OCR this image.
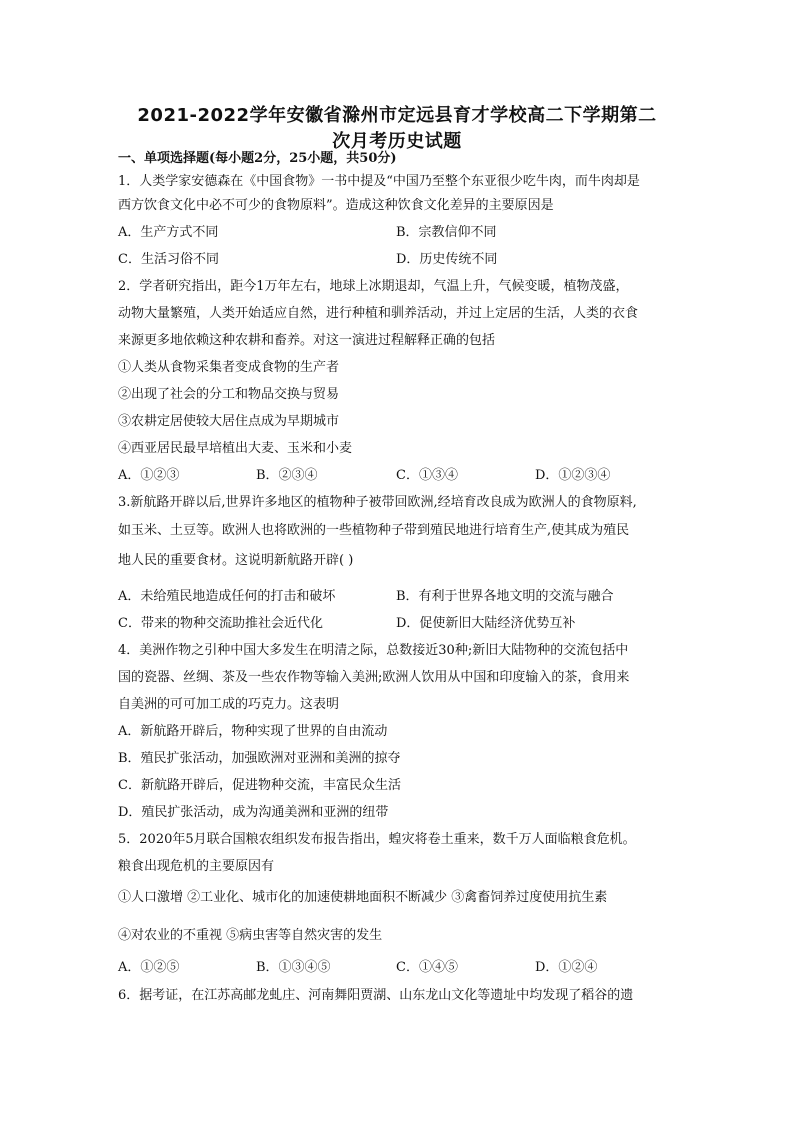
2021-2022学年安徽省滁州市定远县育才学校高二下学期第二
次月考历史试题
一、单项选择题(每小题2分，25小题，共50分)
1．人类学家安德森在《中国食物》一书中提及“中国乃至整个东亚很少吃牛肉，而牛肉却是
西方饮食文化中必不可少的食物原料”。造成这种饮食文化差异的主要原因是
A．生产方式不同	B．宗教信仰不同
C．生活习俗不同	D．历史传统不同
2．学者研究指出，距今1万年左右，地球上冰期退却，气温上升，气候变暖，植物茂盛，
动物大量繁殖，人类开始适应自然，进行种植和驯养活动，并过上定居的生活，人类的衣食
来源更多地依赖这种农耕和畜养。对这一演进过程解释正确的包括
①人类从食物采集者变成食物的生产者
②出现了社会的分工和物品交换与贸易
③农耕定居使较大居住点成为早期城市
④西亚居民最早培植出大麦、玉米和小麦
A．①②③	B．②③④	C．①③④	D．①②③④
3.新航路开辟以后,世界许多地区的植物种子被带回欧洲,经培育改良成为欧洲人的食物原料,
如玉米、土豆等。欧洲人也将欧洲的一些植物种子带到殖民地进行培育生产,使其成为殖民
地人民的重要食材。这说明新航路开辟( )
A．未给殖民地造成任何的打击和破坏	B．有利于世界各地文明的交流与融合
C．带来的物种交流助推社会近代化	D．促使新旧大陆经济优势互补
4．美洲作物之引种中国大多发生在明清之际，总数接近30种;新旧大陆物种的交流包括中
国的瓷器、丝绸、茶及一些农作物等输入美洲;欧洲人饮用从中国和印度输入的茶，食用来
自美洲的可可加工成的巧克力。这表明
A．新航路开辟后，物种实现了世界的自由流动
B．殖民扩张活动，加强欧洲对亚洲和美洲的掠夺
C．新航路开辟后，促进物种交流，丰富民众生活
D．殖民扩张活动，成为沟通美洲和亚洲的纽带
5．2020年5月联合国粮农组织发布报告指出，蝗灾将卷土重来，数千万人面临粮食危机。
粮食出现危机的主要原因有
①人口激增 ②工业化、城市化的加速使耕地面积不断减少 ③禽畜饲养过度使用抗生素
④对农业的不重视 ⑤病虫害等自然灾害的发生
A．①②⑤	B．①③④⑤	C．①④⑤	D．①②④
6．据考证，在江苏高邮龙虬庄、河南舞阳贾湖、山东龙山文化等遗址中均发现了稻谷的遗
